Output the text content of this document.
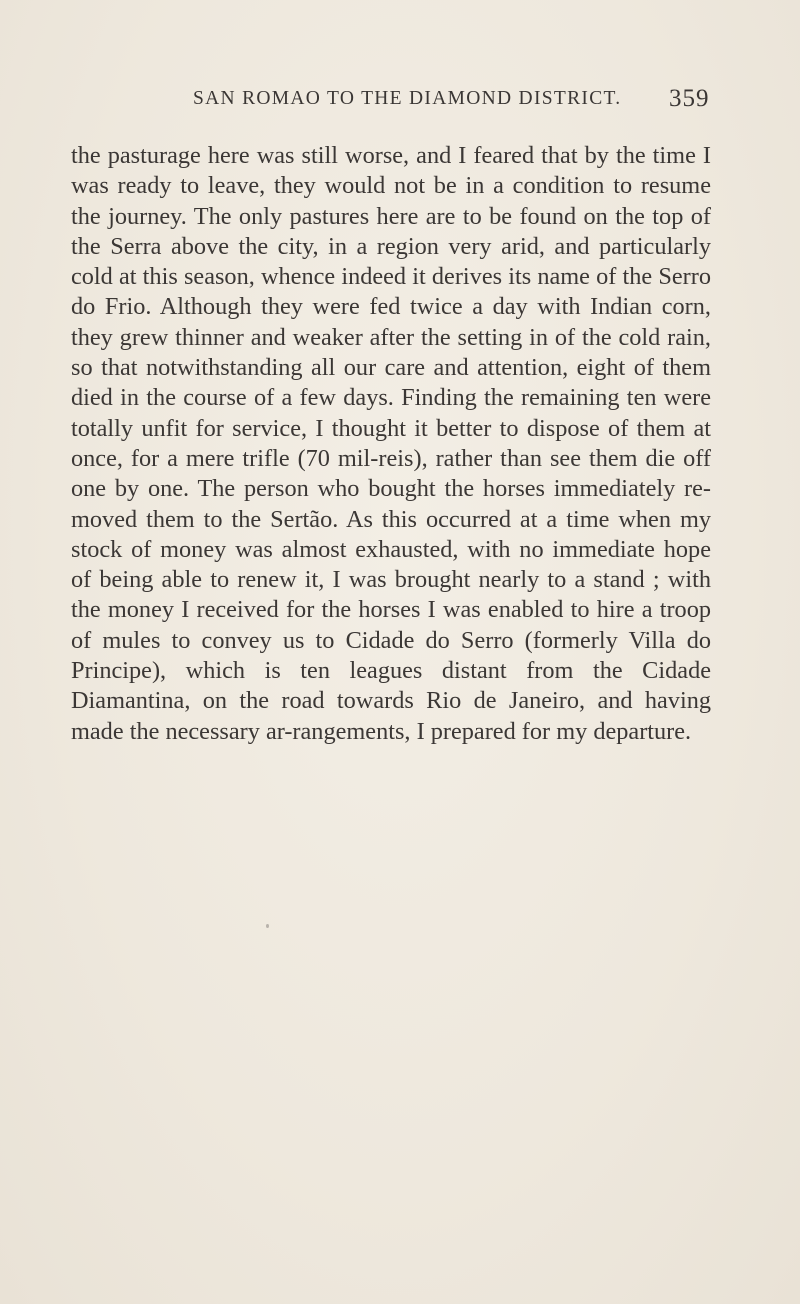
SAN ROMAO TO THE DIAMOND DISTRICT. 359

the pasturage here was still worse, and I feared that by the time I was ready to leave, they would not be in a condition to resume the journey. The only pastures here are to be found on the top of the Serra above the city, in a region very arid, and particularly cold at this season, whence indeed it derives its name of the Serro do Frio. Although they were fed twice a day with Indian corn, they grew thinner and weaker after the setting in of the cold rain, so that notwithstanding all our care and attention, eight of them died in the course of a few days. Finding the remaining ten were totally unfit for service, I thought it better to dispose of them at once, for a mere trifle (70 mil-reis), rather than see them die off one by one. The person who bought the horses immediately re-moved them to the Sertão. As this occurred at a time when my stock of money was almost exhausted, with no immediate hope of being able to renew it, I was brought nearly to a stand ; with the money I received for the horses I was enabled to hire a troop of mules to convey us to Cidade do Serro (formerly Villa do Principe), which is ten leagues distant from the Cidade Diamantina, on the road towards Rio de Janeiro, and having made the necessary ar-rangements, I prepared for my departure.
